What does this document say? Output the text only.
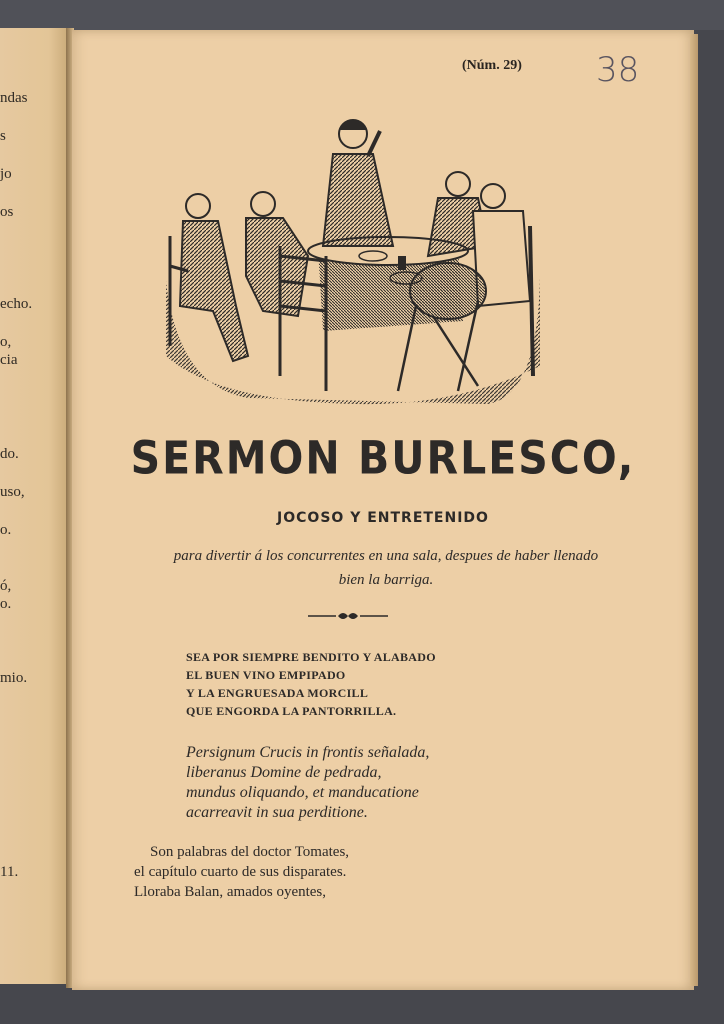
ndas
s
jo
os
echo.
o,
cia
do.
uso,
o.
ó,
o.
mio.
11.
(Núm. 29) 38
SERMON BURLESCO,
JOCOSO Y ENTRETENIDO
para divertir á los concurrentes en una sala, despues de haber llenado
bien la barriga.
SEA POR SIEMPRE BENDITO Y ALABADO
EL BUEN VINO EMPIPADO
Y LA ENGRUESADA MORCILL
QUE ENGORDA LA PANTORRILLA.
Persignum Crucis in frontis señalada,
liberanus Domine de pedrada,
mundus oliquando, et manducatione
acarreavit in sua perditione.
Son palabras del doctor Tomates,
el capítulo cuarto de sus disparates.
Lloraba Balan, amados oyentes,
